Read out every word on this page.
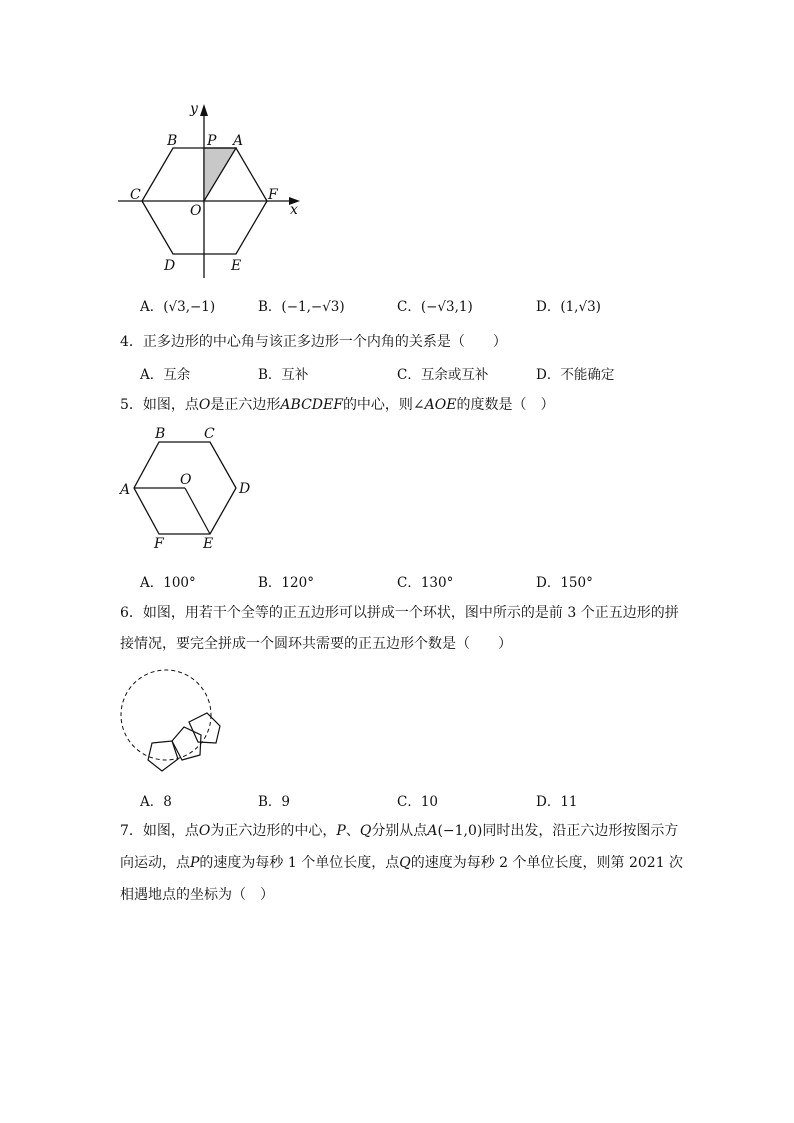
y
x
B P A
C
O
F
D	E
A．(√3,−1)	B．(−1,−√3)	C．(−√3,1)	D．(1,√3)
4．正多边形的中心角与该正多边形一个内角的关系是（　　）
A．互余	B．互补	C．互余或互补	D．不能确定
5．如图，点O是正六边形ABCDEF的中心，则∠AOE的度数是（　）
B	C
A
O
D
F	E
A．100°	B．120°	C．130°	D．150°
6．如图，用若干个全等的正五边形可以拼成一个环状，图中所示的是前 3 个正五边形的拼
接情况，要完全拼成一个圆环共需要的正五边形个数是（　　）
A．8	B．9	C．10	D．11
7．如图，点O为正六边形的中心，P、Q分别从点A(−1,0)同时出发，沿正六边形按图示方
向运动，点P的速度为每秒 1 个单位长度，点Q的速度为每秒 2 个单位长度，则第 2021 次
相遇地点的坐标为（　）
